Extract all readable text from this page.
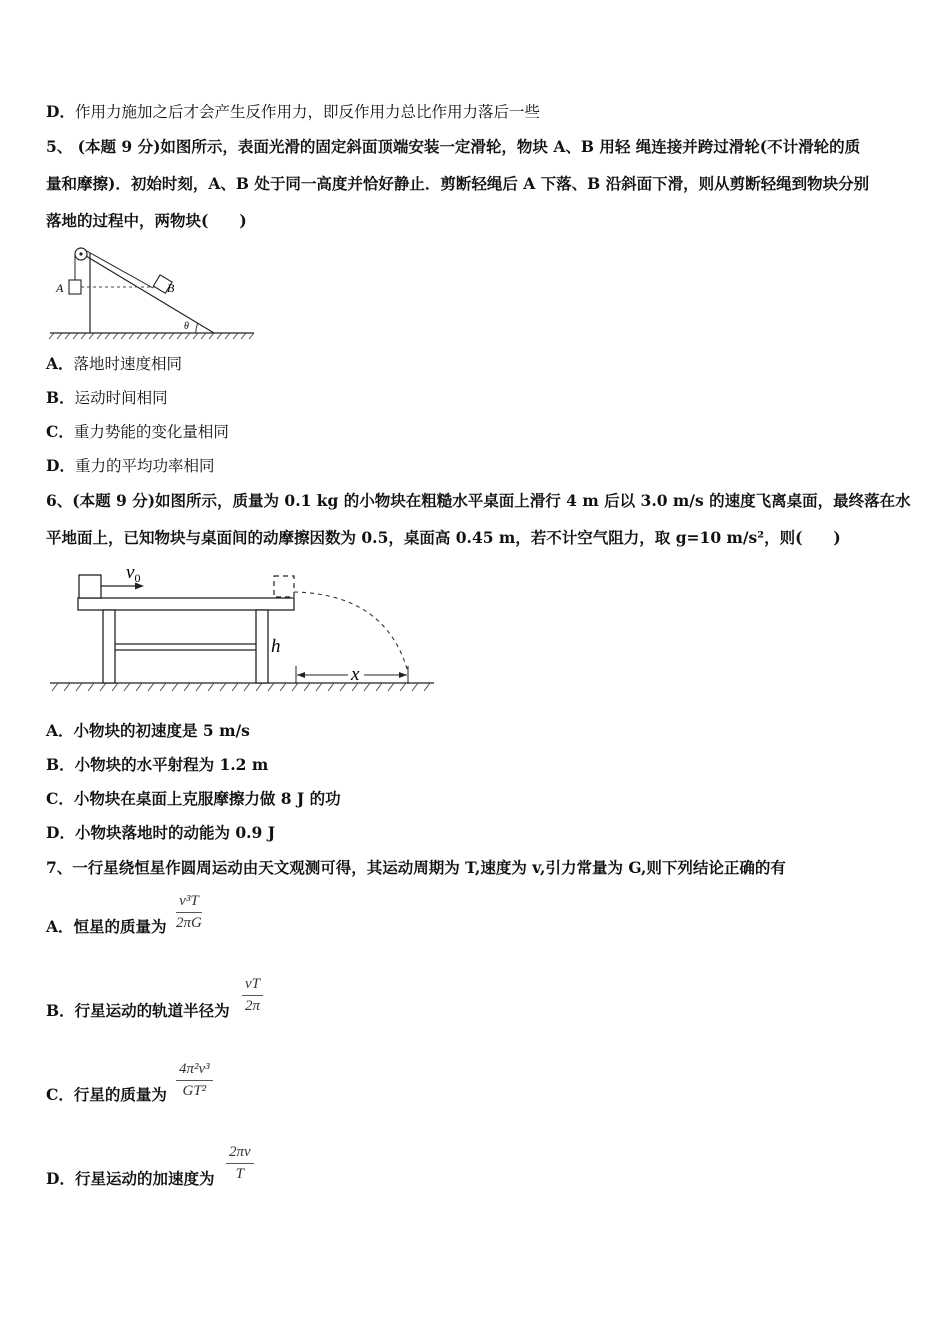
D．作用力施加之后才会产生反作用力，即反作用力总比作用力落后一些
5、 (本题 9 分)如图所示，表面光滑的固定斜面顶端安装一定滑轮，物块 A、B 用轻 绳连接并跨过滑轮(不计滑轮的质
量和摩擦)．初始时刻，A、B 处于同一高度并恰好静止．剪断轻绳后 A 下落、B 沿斜面下滑，则从剪断轻绳到物块分别
落地的过程中，两物块(　　)
A	B
θ
A．落地时速度相同
B．运动时间相同
C．重力势能的变化量相同
D．重力的平均功率相同
6、(本题 9 分)如图所示，质量为 0.1 kg 的小物块在粗糙水平桌面上滑行 4 m 后以 3.0 m/s 的速度飞离桌面，最终落在水
平地面上，已知物块与桌面间的动摩擦因数为 0.5，桌面高 0.45 m，若不计空气阻力，取 g=10 m/s²，则(　　)
$v_0$
h
x
A．小物块的初速度是 5 m/s
B．小物块的水平射程为 1.2 m
C．小物块在桌面上克服摩擦力做 8 J 的功
D．小物块落地时的动能为 0.9 J
7、一行星绕恒星作圆周运动由天文观测可得，其运动周期为 T,速度为 v,引力常量为 G,则下列结论正确的有
A．恒星的质量为 $\frac{\text{v³T}}{2\pi G}$
B．行星运动的轨道半径为 $\frac{vT}{2\pi}$
C．行星的质量为 $\frac{\text{4π²v³}}{\text{GT²}}$
D．行星运动的加速度为 $\frac{2\pi v}{T}$
